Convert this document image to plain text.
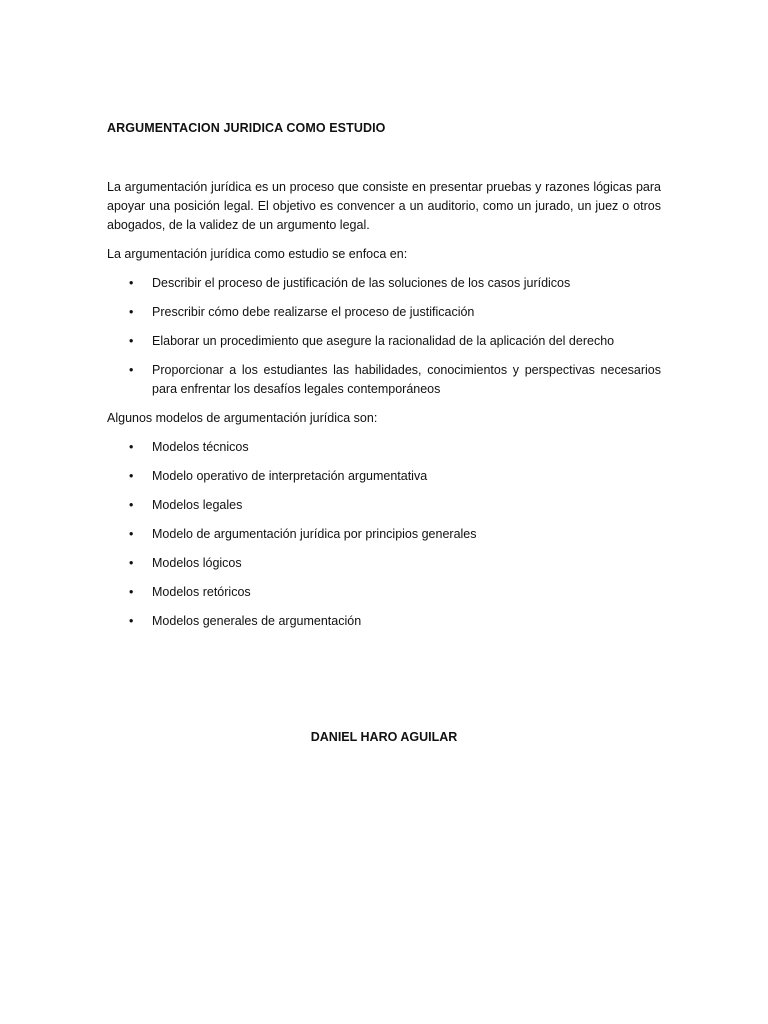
ARGUMENTACION JURIDICA COMO ESTUDIO

La argumentación jurídica es un proceso que consiste en presentar pruebas y razones lógicas para apoyar una posición legal. El objetivo es convencer a un auditorio, como un jurado, un juez o otros abogados, de la validez de un argumento legal.

La argumentación jurídica como estudio se enfoca en:

• Describir el proceso de justificación de las soluciones de los casos jurídicos
• Prescribir cómo debe realizarse el proceso de justificación
• Elaborar un procedimiento que asegure la racionalidad de la aplicación del derecho
• Proporcionar a los estudiantes las habilidades, conocimientos y perspectivas necesarios para enfrentar los desafíos legales contemporáneos

Algunos modelos de argumentación jurídica son:

• Modelos técnicos
• Modelo operativo de interpretación argumentativa
• Modelos legales
• Modelo de argumentación jurídica por principios generales
• Modelos lógicos
• Modelos retóricos
• Modelos generales de argumentación

DANIEL HARO AGUILAR
